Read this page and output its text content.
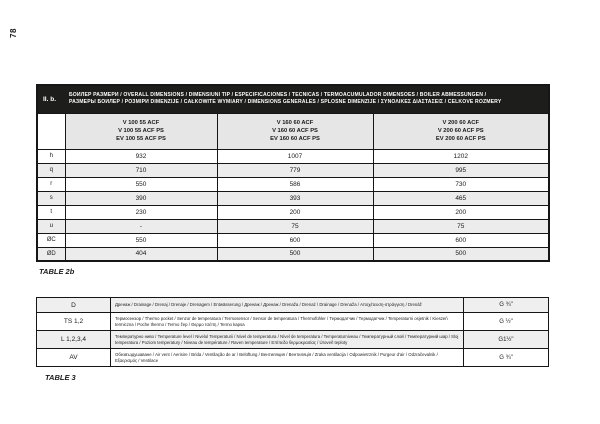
78
II. b.
БОЙЛЕР РАЗМЕРИ / OVERALL DIMENSIONS / DIMENSIUNI TIP / ESPECIFICACIONES / TÉCNICAS / TERMOACUMULADOR DIMENSÕES / BOILER ABMESSUNGEN /
РАЗМЕРЫ БОЙЛЕР / РОЗМІРИ DIMENZIJE / CAŁKOWITE WYMIARY / DIMENSIONS GÉNÉRALES / SPLOŠNE DIMENZIJE / ΣΥΝΟΛΙΚΕΣ ΔΙΑΣΤΑΣΕΙΣ / CELKOVÉ ROZMĚRY			

V 100 55 ACF
V 100 55 ACF PS
EV 100 55 ACF PS

V 160 60 ACF
V 160 60 ACF PS
EV 160 60 ACF PS

V 200 60 ACF
V 200 60 ACF PS
EV 200 60 ACF PS

h	932	1007	1202
q	710	779	995
r	550	586	730
s	390	393	465
t	230	200	200
u	-	75	75
ØC	550	600	600
ØD	404	500	500
TABLE 2b
D	Дренаж / Drainage / Drenaj / Drenaje / Drenagem / Entwässerung / Дренаж / Дренаж / Drenaža / Drenaż / Drainage / Drenaža / Αποχέτευση-στράγγιση / Drenáž	G ¾"
TS 1,2	Термосензор / Thermo pocket / Senzor de temperatura / Termosensor / Sensor de temperatura / Thermofühler / Термодатчик / Термодатчик / Temperaturni osjetnik / Kieszeń termiczna / Poche thermo / Termo žep / Θερμο τσέπη / Termo kapsa	G ½"
L 1,2,3,4	Температурно ниво / Temperature level / Nivelul Temperaturii / Nivel de temperatura / Nível de temperatura / Temperaturniveau / Температурный слой / Температурний шар / Sloj temperatura / Poziom temperatury / Niveau de température / Raven temperature / Επίπεδο θερμοκρασίας / Úroveň teploty	G1½"
AV	Обезвъздушаване / Air vent / Aerisire / Brida / Ventilação de ar / Belüftung / Вентиляция / Вентиляція / Zraka ventilacija / Odpowietrznik / Purgeur d'air / Odzračevalnik / Εξαερισμός / Ventilace	G ¾"
TABLE 3
